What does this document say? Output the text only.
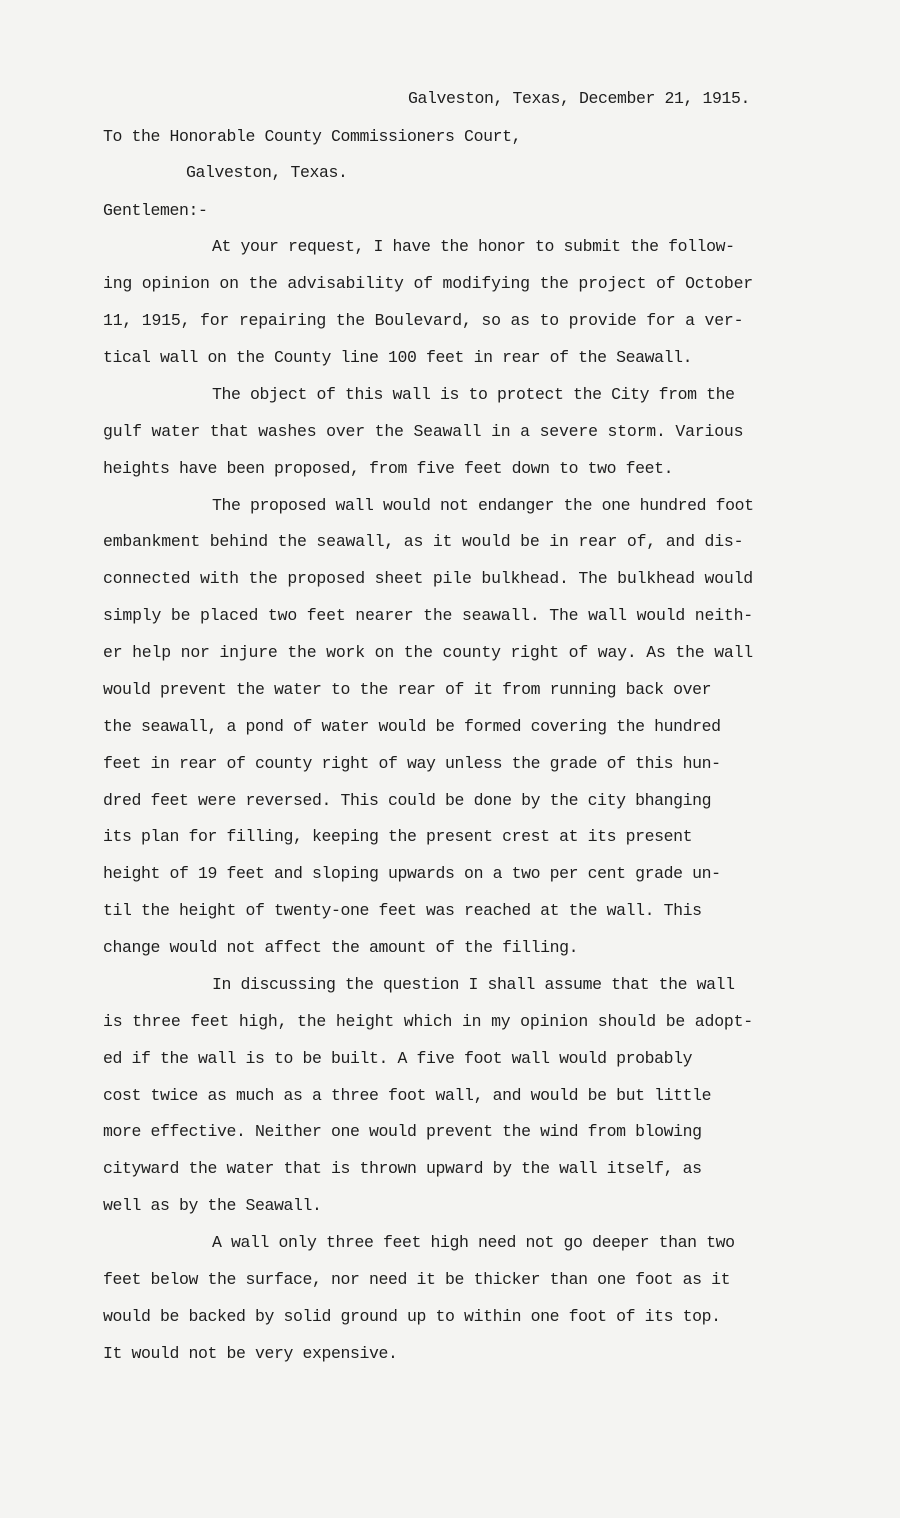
Galveston, Texas, December 21, 1915.
To the Honorable County Commissioners Court,
Galveston, Texas.
Gentlemen:-
At your request, I have the honor to submit the follow-
ing opinion on the advisability of modifying the project of October
11, 1915, for repairing the Boulevard, so as to provide for a ver-
tical wall on the County line 100 feet in rear of the Seawall.
The object of this wall is to protect the City from the
gulf water that washes over the Seawall in a severe storm. Various
heights have been proposed, from five feet down to two feet.
The proposed wall would not endanger the one hundred foot
embankment behind the seawall, as it would be in rear of, and dis-
connected with the proposed sheet pile bulkhead. The bulkhead would
simply be placed two feet nearer the seawall. The wall would neith-
er help nor injure the work on the county right of way. As the wall
would prevent the water to the rear of it from running back over
the seawall, a pond of water would be formed covering the hundred
feet in rear of county right of way unless the grade of this hun-
dred feet were reversed. This could be done by the city bhanging
its plan for filling, keeping the present crest at its present
height of 19 feet and sloping upwards on a two per cent grade un-
til the height of twenty-one feet was reached at the wall. This
change would not affect the amount of the filling.
In discussing the question I shall assume that the wall
is three feet high, the height which in my opinion should be adopt-
ed if the wall is to be built. A five foot wall would probably
cost twice as much as a three foot wall, and would be but little
more effective. Neither one would prevent the wind from blowing
cityward the water that is thrown upward by the wall itself, as
well as by the Seawall.
A wall only three feet high need not go deeper than two
feet below the surface, nor need it be thicker than one foot as it
would be backed by solid ground up to within one foot of its top.
It would not be very expensive.
